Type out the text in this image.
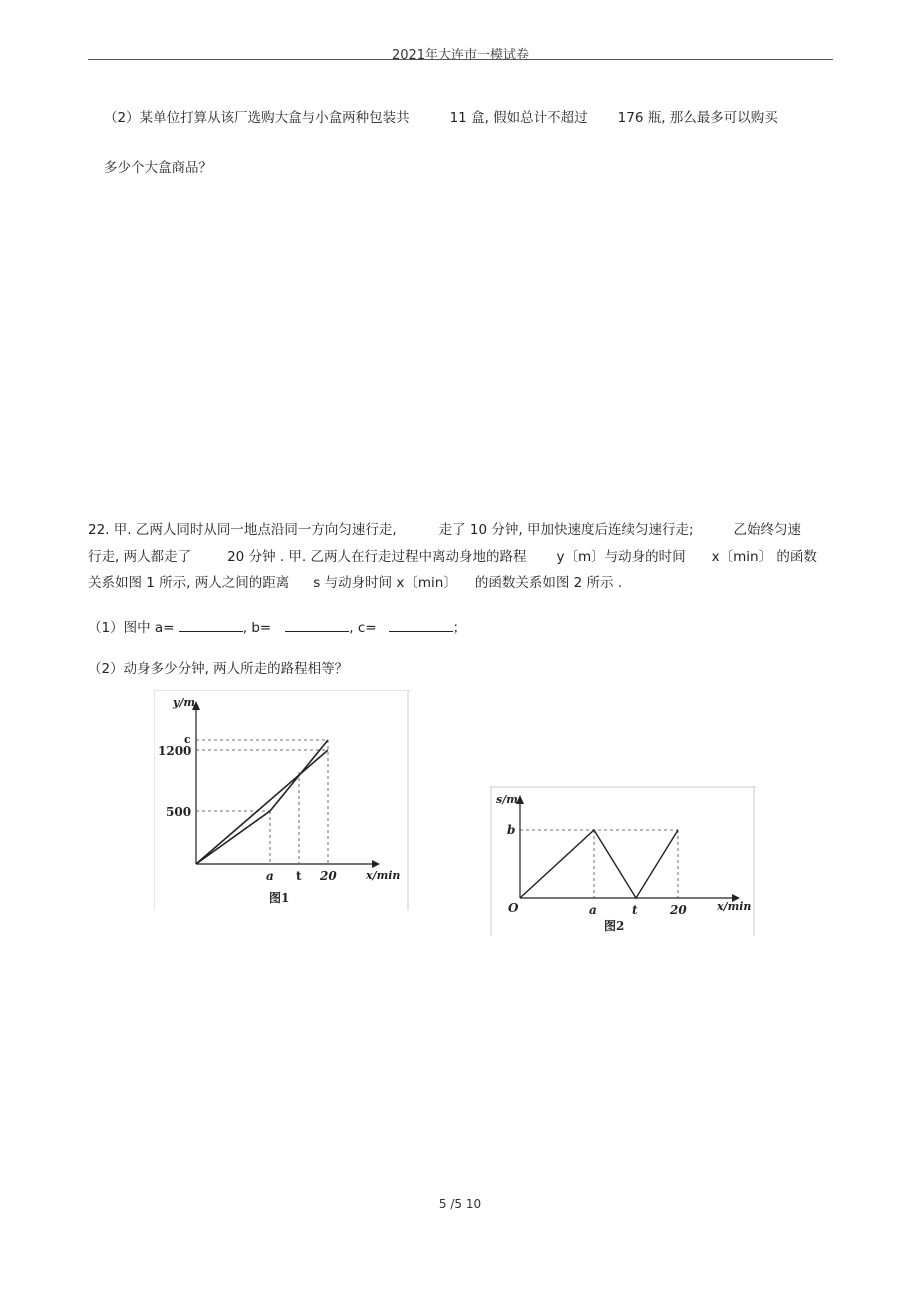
2021年大连市一模试卷
（2）某单位打算从该厂选购大盒与小盒两种包装共	11 盒, 假如总计不超过 176 瓶, 那么最多可以购买
多少个大盒商品？
22. 甲. 乙两人同时从同一地点沿同一方向匀速行走,	走了 10 分钟, 甲加快速度后连续匀速行走;	乙始终匀速
行走, 两人都走了	20 分钟 . 甲. 乙两人在行走过程中离动身地的路程 y〔m〕与动身的时间 x〔min〕 的函数
关系如图 1 所示, 两人之间的距离 s 与动身时间 x〔min〕 的函数关系如图 2 所示 .
（1）图中 a=	, b=	, c=	；
（2）动身多少分钟, 两人所走的路程相等？
y/m
c
1200
500
a t 20	x/min
图1
s/m
b
O	a	t	20	x/min
图2
5 /5 10
